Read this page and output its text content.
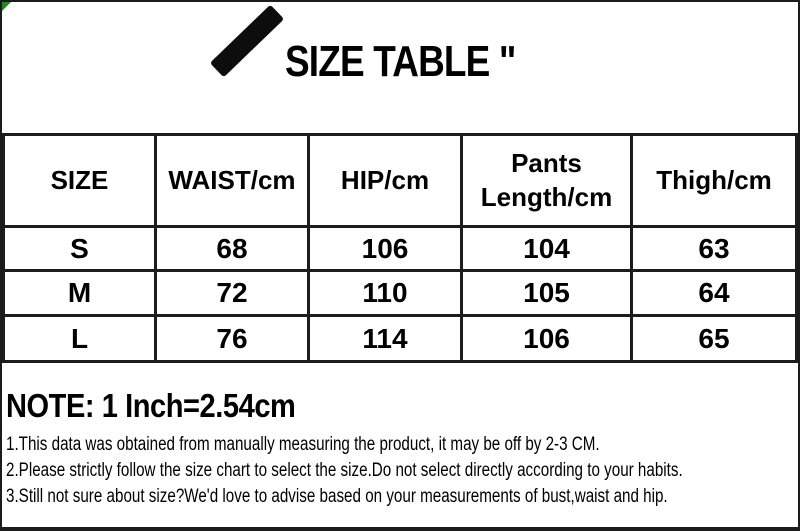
SIZE TABLE "
SIZE	WAIST/cm	HIP/cm	Pants Length/cm	Thigh/cm
S	68	106	104	63
M	72	110	105	64
L	76	114	106	65
NOTE: 1 Inch=2.54cm
1.This data was obtained from manually measuring the product, it may be off by 2-3 CM.
2.Please strictly follow the size chart to select the size.Do not select directly according to your habits.
3.Still not sure about size?We'd love to advise based on your measurements of bust,waist and hip.
